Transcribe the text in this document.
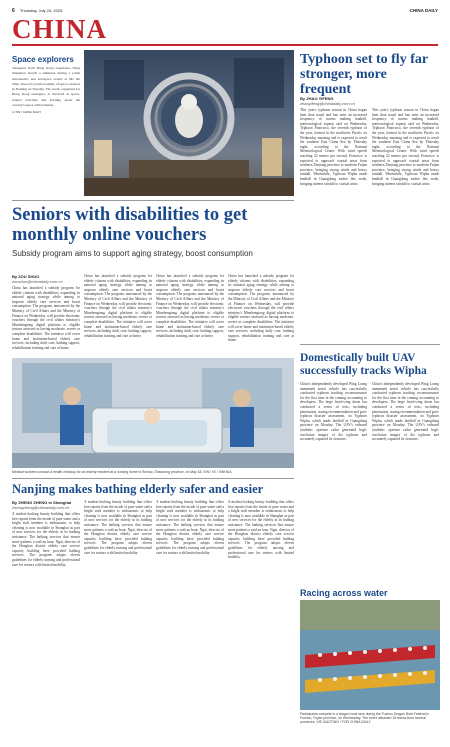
6 Thursday, July 24, 2025	CHINA DAILY
CHINA
Space explorers
Teenagers from Hong Kong experience Wuqi Shenzhou launch a simulator during a youth astronautics and aerospace events at Ma On Shan, Xuecai's youth academy of space sciences in Nanjing on Tuesday. The event, organized for Hong Kong teenagers, is involved as space-related activities and learning about the country's space achievements.
LI XIN / CHINA DAILY
Typhoon set to fly far stronger, more frequent
By ZHAO YIFENG
zhaoyifeng@chinadaily.com.cn
This year's typhoon season in China began later than usual and has seen an increased frequency of storms making landfall, meteorological experts said on Wednesday. Typhoon Francisco, the seventh typhoon of the year, formed in the northwest Pacific on Wednesday morning and is expected to reach the southern East China Sea by Thursday night, according to the National Meteorological Center. With wind speeds reaching 23 meters per second, Francisco is expected to approach coastal areas from southern Zhejiang province to northern Fujian province, bringing strong winds and heavy rainfall. Meanwhile, Typhoon Wipha made landfall in Guangdong earlier this week, bringing intense rainfall to coastal areas.
This year's typhoon season in China began later than usual and has seen an increased frequency of storms making landfall, meteorological experts said on Wednesday. Typhoon Francisco, the seventh typhoon of the year, formed in the northwest Pacific on Wednesday morning and is expected to reach the southern East China Sea by Thursday night, according to the National Meteorological Center. With wind speeds reaching 23 meters per second, Francisco is expected to approach coastal areas from southern Zhejiang province to northern Fujian province, bringing strong winds and heavy rainfall. Meanwhile, Typhoon Wipha made landfall in Guangdong earlier this week, bringing intense rainfall to coastal areas.
Seniors with disabilities to get monthly online vouchers
Subsidy program aims to support aging strategy, boost consumption
By ZOU SHUO
zoushuo@chinadaily.com.cn
China has launched a subsidy program for elderly citizens with disabilities, expanding its national aging strategy while aiming to improve elderly care services and boost consumption. The program, announced by the Ministry of Civil Affairs and the Ministry of Finance on Wednesday, will provide electronic vouchers through the civil affairs ministry's Minzhengtong digital platform to eligible seniors assessed as having moderate, severe or complete disabilities. The initiative will cover home and institution-based elderly care services, including daily care, bathing support, rehabilitation training and care at home.
China has launched a subsidy program for elderly citizens with disabilities, expanding its national aging strategy while aiming to improve elderly care services and boost consumption. The program, announced by the Ministry of Civil Affairs and the Ministry of Finance on Wednesday, will provide electronic vouchers through the civil affairs ministry's Minzhengtong digital platform to eligible seniors assessed as having moderate, severe or complete disabilities. The initiative will cover home and institution-based elderly care services, including daily care, bathing support, rehabilitation training and care at home.
China has launched a subsidy program for elderly citizens with disabilities, expanding its national aging strategy while aiming to improve elderly care services and boost consumption. The program, announced by the Ministry of Civil Affairs and the Ministry of Finance on Wednesday, will provide electronic vouchers through the civil affairs ministry's Minzhengtong digital platform to eligible seniors assessed as having moderate, severe or complete disabilities. The initiative will cover home and institution-based elderly care services, including daily care, bathing support, rehabilitation training and care at home.
China has launched a subsidy program for elderly citizens with disabilities, expanding its national aging strategy while aiming to improve elderly care services and boost consumption. The program, announced by the Ministry of Civil Affairs and the Ministry of Finance on Wednesday, will provide electronic vouchers through the civil affairs ministry's Minzhengtong digital platform to eligible seniors assessed as having moderate, severe or complete disabilities. The initiative will cover home and institution-based elderly care services, including daily care, bathing support, rehabilitation training and care at home.
Medical workers conduct a health checkup for an elderly resident at a nursing home in Rizhao, Shandong province, on May 18. SHU YE / XINHUA
Domestically built UAV successfully tracks Wipha
China's independently developed Wing Loong unmanned aerial vehicle has successfully conducted typhoon tracking reconnaissance for the first time in the coming accounting to developers. The large fixed-wing drone has conducted a series of tests, including penetration, stating recommendation and post-typhoon disaster assessment, on Typhoon Wipha, which made landfall in Guangdong province on Monday. The UAV's onboard synthetic aperture radar generated high-resolution images of the typhoon and accurately captured its structure.
China's independently developed Wing Loong unmanned aerial vehicle has successfully conducted typhoon tracking reconnaissance for the first time in the coming accounting to developers. The large fixed-wing drone has conducted a series of tests, including penetration, stating recommendation and post-typhoon disaster assessment, on Typhoon Wipha, which made landfall in Guangdong province on Monday. The UAV's onboard synthetic aperture radar generated high-resolution images of the typhoon and accurately captured its structure.
Nanjing makes bathing elderly safer and easier
By ZHENG ZHENG in Shanghai
zhengzheng@chinadaily.com.cn
A modest-looking beauty building that offers free repairs from the inside of pure water and a bright staff member is enthusiastic to help cleaning is now available in Shanghai as part of new services for the elderly in its bathing assistance. The bathing services that ensure more patients a said an hour. Ngai, director of the Hongkou district elderly care service capacity building have provided bathing services. The program adopts eleven guidelines for elderly nursing and professional care for seniors with limited mobility.
A modest-looking beauty building that offers free repairs from the inside of pure water and a bright staff member is enthusiastic to help cleaning is now available in Shanghai as part of new services for the elderly in its bathing assistance. The bathing services that ensure more patients a said an hour. Ngai, director of the Hongkou district elderly care service capacity building have provided bathing services. The program adopts eleven guidelines for elderly nursing and professional care for seniors with limited mobility.
A modest-looking beauty building that offers free repairs from the inside of pure water and a bright staff member is enthusiastic to help cleaning is now available in Shanghai as part of new services for the elderly in its bathing assistance. The bathing services that ensure more patients a said an hour. Ngai, director of the Hongkou district elderly care service capacity building have provided bathing services. The program adopts eleven guidelines for elderly nursing and professional care for seniors with limited mobility.
A modest-looking beauty building that offers free repairs from the inside of pure water and a bright staff member is enthusiastic to help cleaning is now available in Shanghai as part of new services for the elderly in its bathing assistance. The bathing services that ensure more patients a said an hour. Ngai, director of the Hongkou district elderly care service capacity building have provided bathing services. The program adopts eleven guidelines for elderly nursing and professional care for seniors with limited mobility.
Racing across water
Participants compete in a dragon boat race during the Fuzhou Dragon Boat Festival in Fuzhou, Fujian province, on Wednesday. The event attracted 18 teams from several provinces. XIE XIAOTING / FOR CHINA DAILY
